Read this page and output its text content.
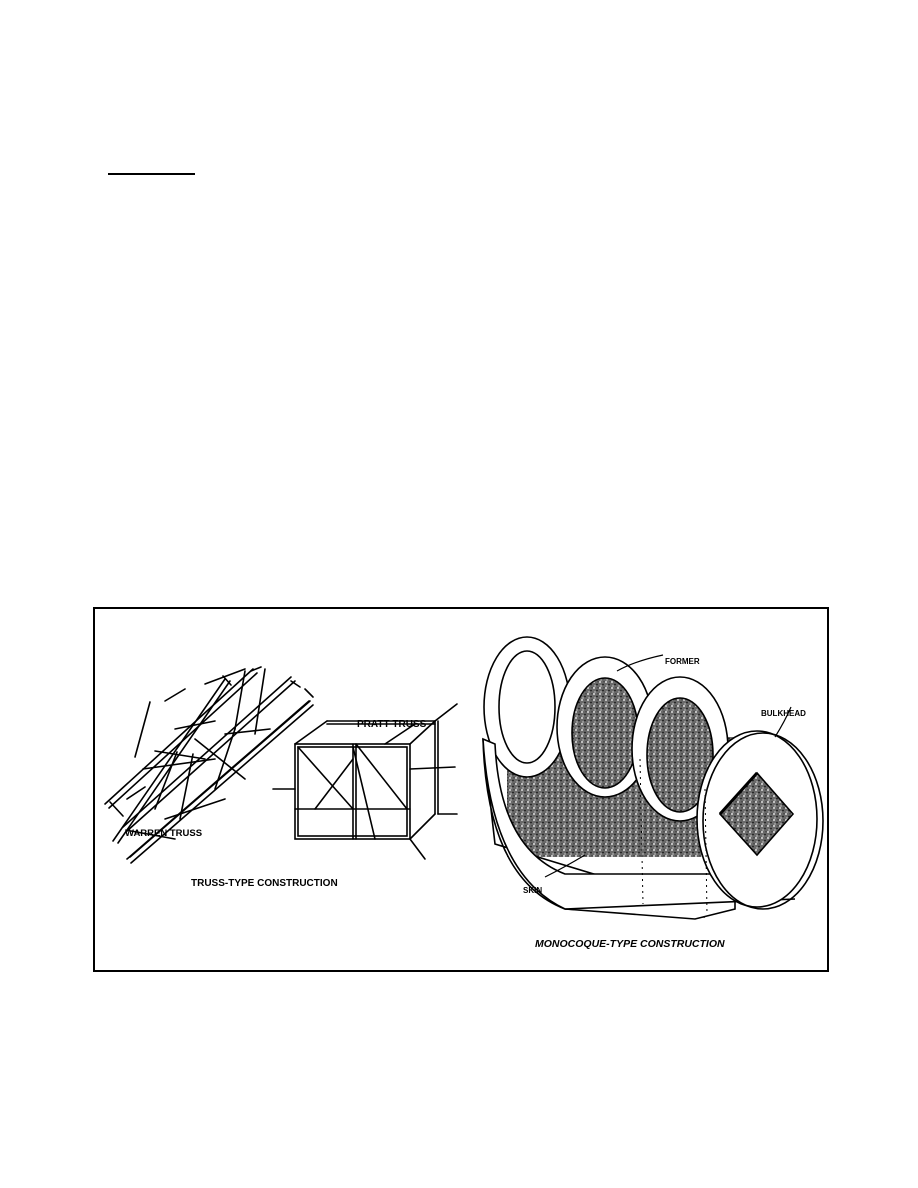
PRATT TRUSS
WARREN TRUSS
TRUSS-TYPE CONSTRUCTION
FORMER
BULKHEAD
SKIN
MONOCOQUE-TYPE CONSTRUCTION
